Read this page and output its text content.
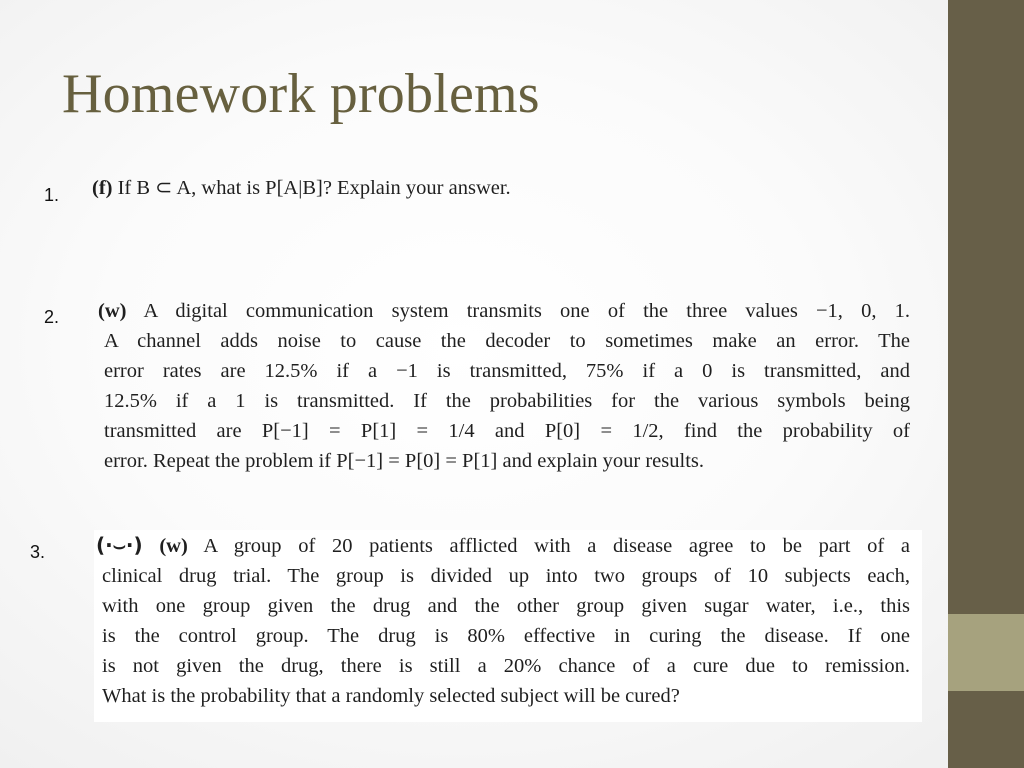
Homework problems
1. (f) If B ⊂ A, what is P[A|B]? Explain your answer.
2. (w) A digital communication system transmits one of the three values −1, 0, 1.
A channel adds noise to cause the decoder to sometimes make an error. The
error rates are 12.5% if a −1 is transmitted, 75% if a 0 is transmitted, and
12.5% if a 1 is transmitted. If the probabilities for the various symbols being
transmitted are P[−1] = P[1] = 1/4 and P[0] = 1/2, find the probability of
error. Repeat the problem if P[−1] = P[0] = P[1] and explain your results.
3.	(·⌣·) (w) A group of 20 patients afflicted with a disease agree to be part of a
clinical drug trial. The group is divided up into two groups of 10 subjects each,
with one group given the drug and the other group given sugar water, i.e., this
is the control group. The drug is 80% effective in curing the disease. If one
is not given the drug, there is still a 20% chance of a cure due to remission.
What is the probability that a randomly selected subject will be cured?
